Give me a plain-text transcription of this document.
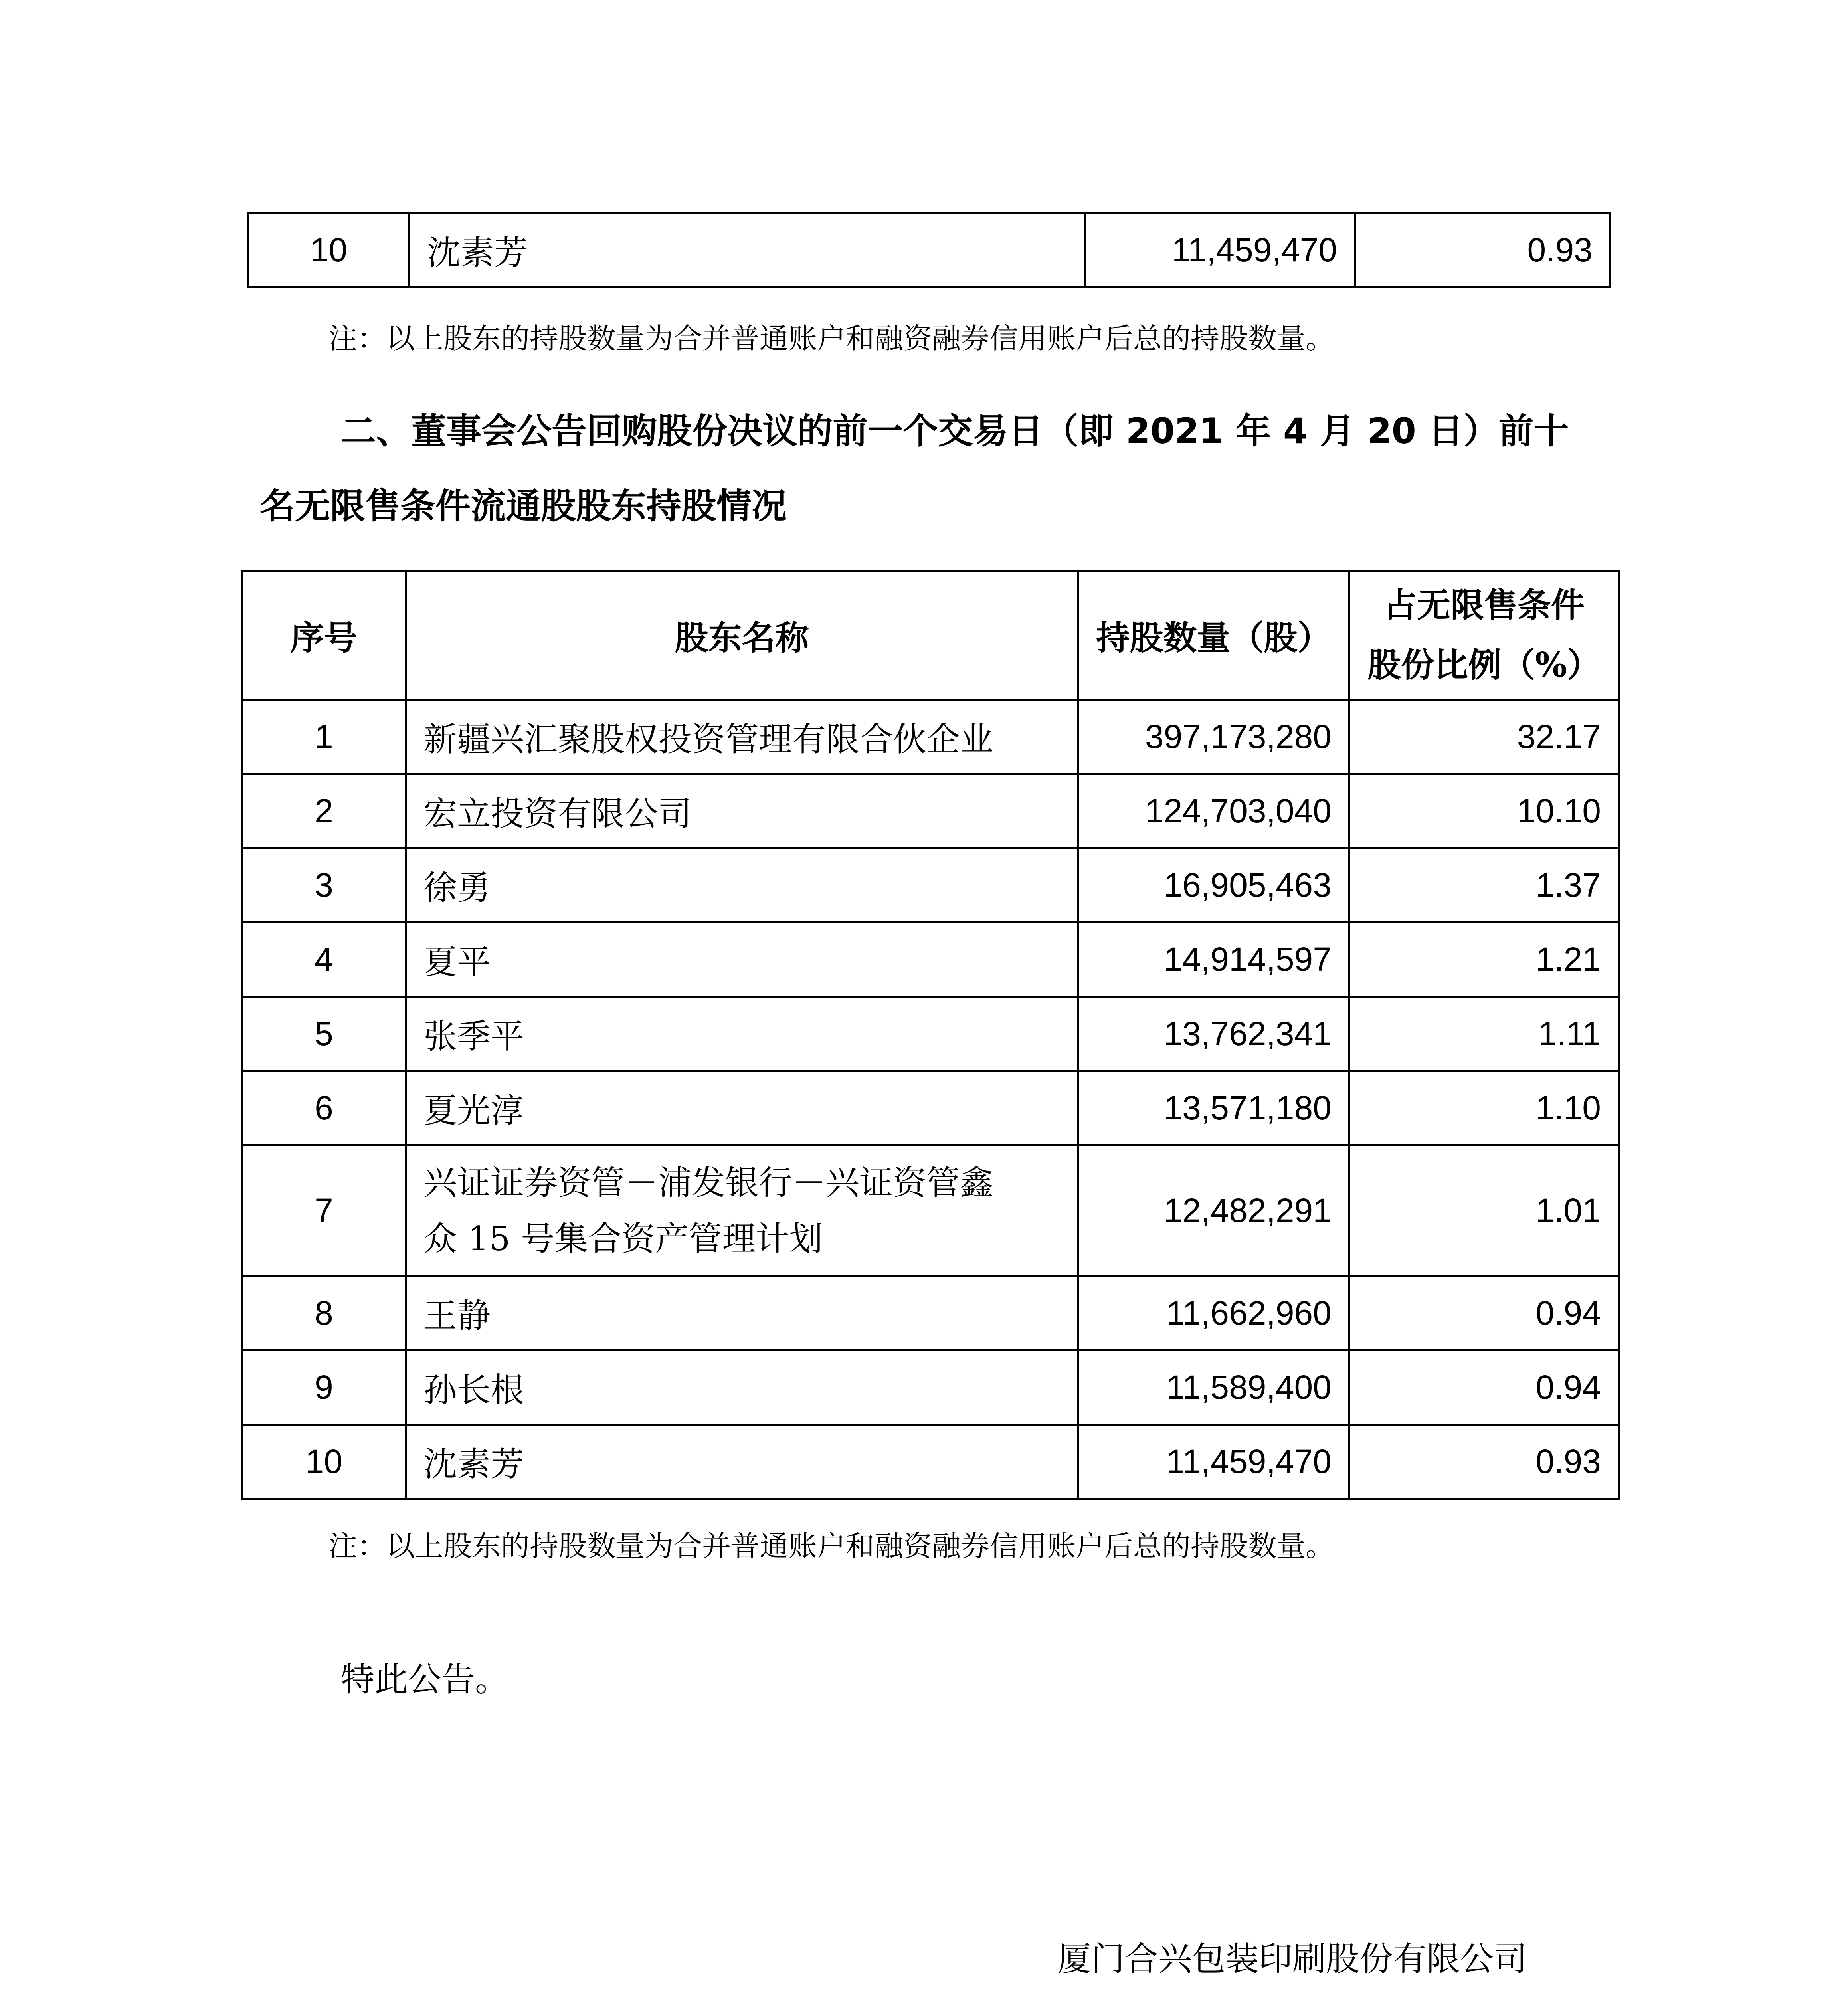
10	沈素芳	11,459,470	0.93
注：以上股东的持股数量为合并普通账户和融资融券信用账户后总的持股数量。
二、董事会公告回购股份决议的前一个交易日（即 2021 年 4 月 20 日）前十
名无限售条件流通股股东持股情况
序号	股东名称	持股数量（股）	占无限售条件
股份比例（%）

1	新疆兴汇聚股权投资管理有限合伙企业	397,173,280	32.17
2	宏立投资有限公司	124,703,040	10.10
3	徐勇	16,905,463	1.37
4	夏平	14,914,597	1.21
5	张季平	13,762,341	1.11
6	夏光淳	13,571,180	1.10
7	兴证证券资管－浦发银行－兴证资管鑫
众 15 号集合资产管理计划	12,482,291	1.01
8	王静	11,662,960	0.94
9	孙长根	11,589,400	0.94
10	沈素芳	11,459,470	0.93
注：以上股东的持股数量为合并普通账户和融资融券信用账户后总的持股数量。
特此公告。
厦门合兴包装印刷股份有限公司
